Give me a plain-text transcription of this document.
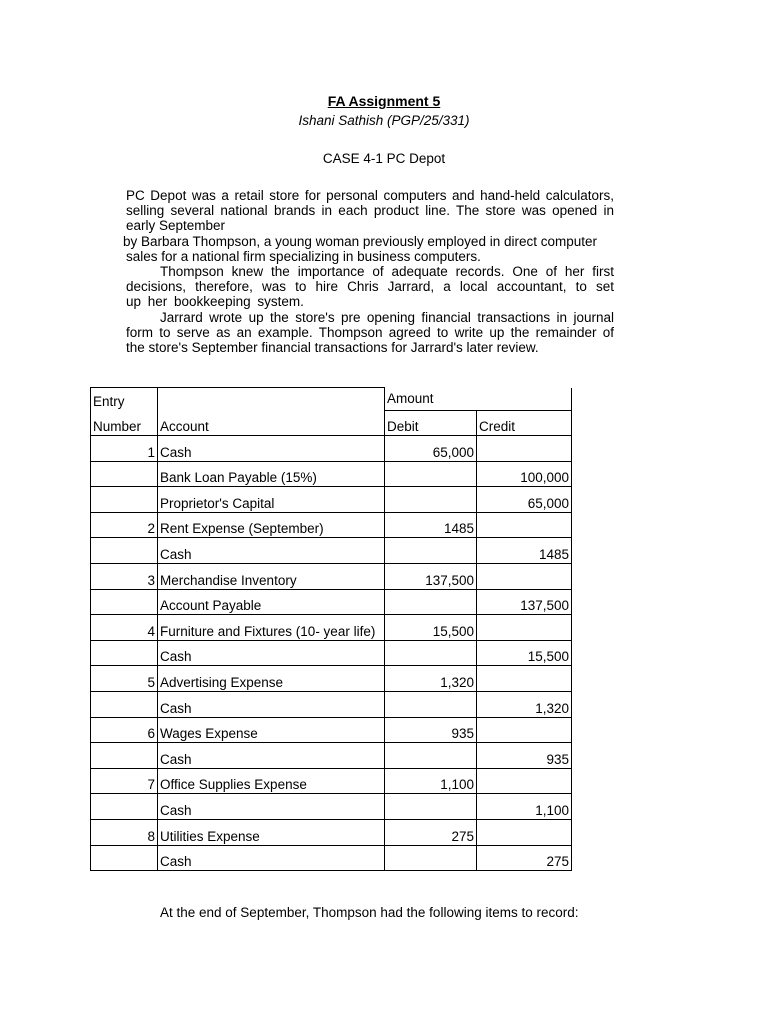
FA Assignment 5
Ishani Sathish (PGP/25/331)
CASE 4-1 PC Depot
PC Depot was a retail store for personal computers and hand-held calculators,
selling several national brands in each product line. The store was opened in
early September
by Barbara Thompson, a young woman previously employed in direct computer
sales for a national firm specializing in business computers.
Thompson knew the importance of adequate records. One of her first
decisions, therefore, was to hire Chris Jarrard, a local accountant, to set
up her bookkeeping system.
Jarrard wrote up the store's pre opening financial transactions in journal
form to serve as an example. Thompson agreed to write up the remainder of
the store's September financial transactions for Jarrard's later review.
Entry		Amount	
Number	Account	Debit	Credit
1	Cash	65,000	
	Bank Loan Payable (15%)		100,000
	Proprietor's Capital		65,000
2	Rent Expense (September)	1485	
	Cash		1485
3	Merchandise Inventory	137,500	
	Account Payable		137,500
4	Furniture and Fixtures (10- year life)	15,500	
	Cash		15,500
5	Advertising Expense	1,320	
	Cash		1,320
6	Wages Expense	935	
	Cash		935
7	Office Supplies Expense	1,100	
	Cash		1,100
8	Utilities Expense	275	
	Cash		275
At the end of September, Thompson had the following items to record:
